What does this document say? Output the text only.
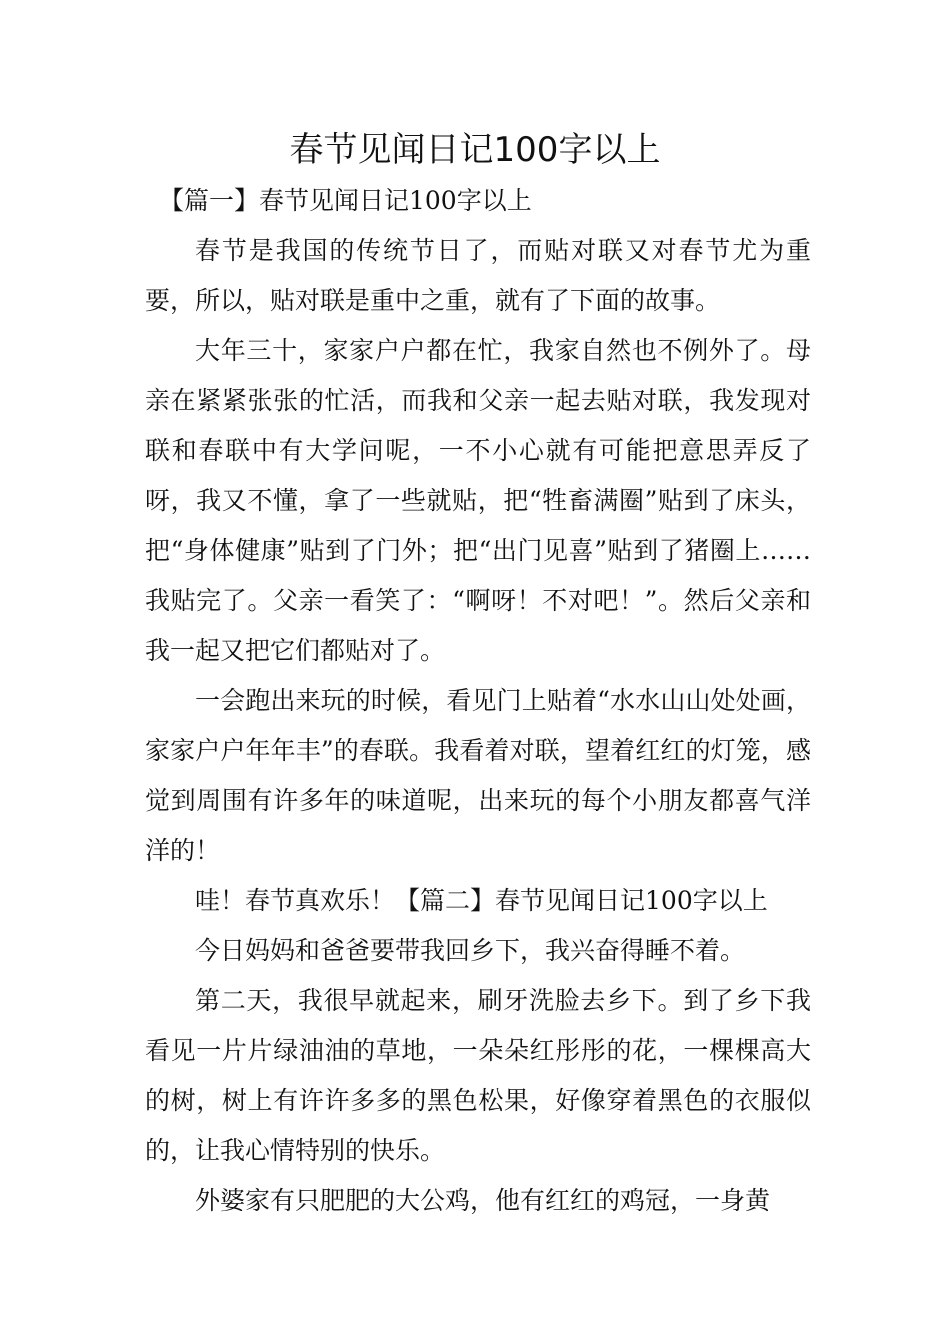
春节见闻日记100字以上

【篇一】春节见闻日记100字以上

春节是我国的传统节日了，而贴对联又对春节尤为重要，所以，贴对联是重中之重，就有了下面的故事。

大年三十，家家户户都在忙，我家自然也不例外了。母亲在紧紧张张的忙活，而我和父亲一起去贴对联，我发现对联和春联中有大学问呢，一不小心就有可能把意思弄反了呀，我又不懂，拿了一些就贴，把“牲畜满圈”贴到了床头，把“身体健康”贴到了门外；把“出门见喜”贴到了猪圈上……我贴完了。父亲一看笑了：“啊呀！不对吧！”。然后父亲和我一起又把它们都贴对了。

一会跑出来玩的时候，看见门上贴着“水水山山处处画，家家户户年年丰”的春联。我看着对联，望着红红的灯笼，感觉到周围有许多年的味道呢，出来玩的每个小朋友都喜气洋洋的！

哇！春节真欢乐！【篇二】春节见闻日记100字以上

今日妈妈和爸爸要带我回乡下，我兴奋得睡不着。

第二天，我很早就起来，刷牙洗脸去乡下。到了乡下我看见一片片绿油油的草地，一朵朵红彤彤的花，一棵棵高大的树，树上有许许多多的黑色松果，好像穿着黑色的衣服似的，让我心情特别的快乐。

外婆家有只肥肥的大公鸡，他有红红的鸡冠，一身黄
